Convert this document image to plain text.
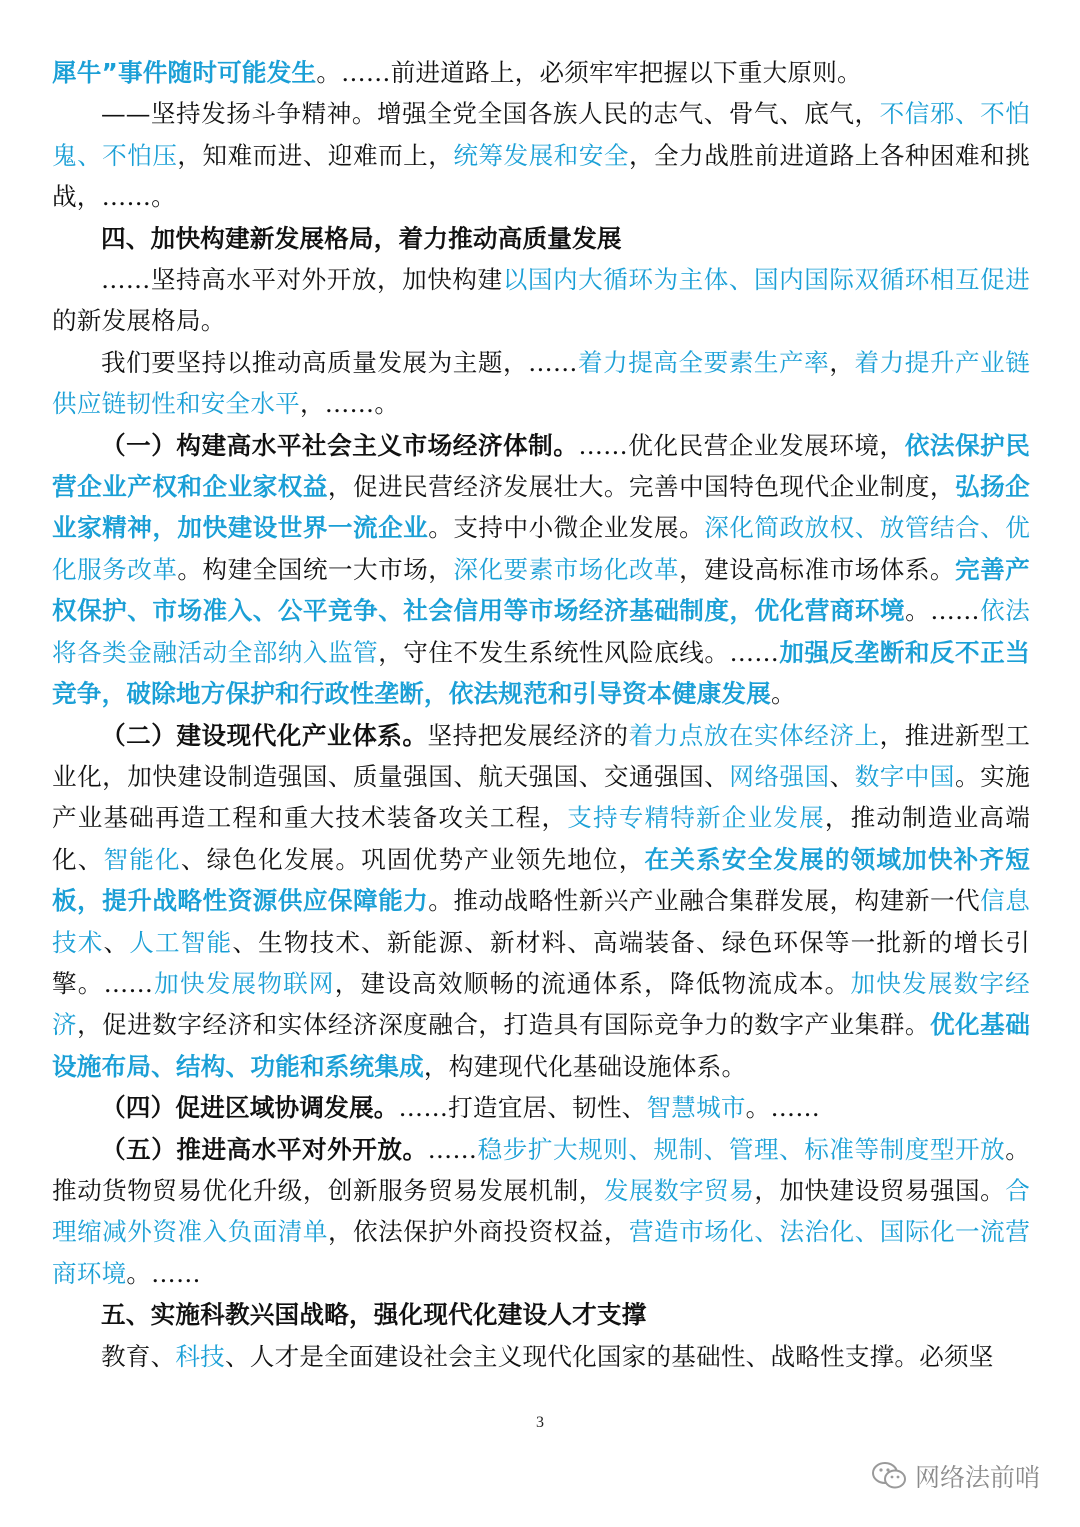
犀牛”事件随时可能发生。……前进道路上，必须牢牢把握以下重大原则。

——坚持发扬斗争精神。增强全党全国各族人民的志气、骨气、底气，不信邪、不怕鬼、不怕压，知难而进、迎难而上，统筹发展和安全，全力战胜前进道路上各种困难和挑战，……。

四、加快构建新发展格局，着力推动高质量发展

……坚持高水平对外开放，加快构建以国内大循环为主体、国内国际双循环相互促进的新发展格局。

我们要坚持以推动高质量发展为主题，……着力提高全要素生产率，着力提升产业链供应链韧性和安全水平，……。

（一）构建高水平社会主义市场经济体制。……优化民营企业发展环境，依法保护民营企业产权和企业家权益，促进民营经济发展壮大。完善中国特色现代企业制度，弘扬企业家精神，加快建设世界一流企业。支持中小微企业发展。深化简政放权、放管结合、优化服务改革。构建全国统一大市场，深化要素市场化改革，建设高标准市场体系。完善产权保护、市场准入、公平竞争、社会信用等市场经济基础制度，优化营商环境。……依法将各类金融活动全部纳入监管，守住不发生系统性风险底线。……加强反垄断和反不正当竞争，破除地方保护和行政性垄断，依法规范和引导资本健康发展。

（二）建设现代化产业体系。坚持把发展经济的着力点放在实体经济上，推进新型工业化，加快建设制造强国、质量强国、航天强国、交通强国、网络强国、数字中国。实施产业基础再造工程和重大技术装备攻关工程，支持专精特新企业发展，推动制造业高端化、智能化、绿色化发展。巩固优势产业领先地位，在关系安全发展的领域加快补齐短板，提升战略性资源供应保障能力。推动战略性新兴产业融合集群发展，构建新一代信息技术、人工智能、生物技术、新能源、新材料、高端装备、绿色环保等一批新的增长引擎。……加快发展物联网，建设高效顺畅的流通体系，降低物流成本。加快发展数字经济，促进数字经济和实体经济深度融合，打造具有国际竞争力的数字产业集群。优化基础设施布局、结构、功能和系统集成，构建现代化基础设施体系。

（四）促进区域协调发展。……打造宜居、韧性、智慧城市。……

（五）推进高水平对外开放。……稳步扩大规则、规制、管理、标准等制度型开放。推动货物贸易优化升级，创新服务贸易发展机制，发展数字贸易，加快建设贸易强国。合理缩减外资准入负面清单，依法保护外商投资权益，营造市场化、法治化、国际化一流营商环境。……

五、实施科教兴国战略，强化现代化建设人才支撑

教育、科技、人才是全面建设社会主义现代化国家的基础性、战略性支撑。必须坚

3
网络法前哨
